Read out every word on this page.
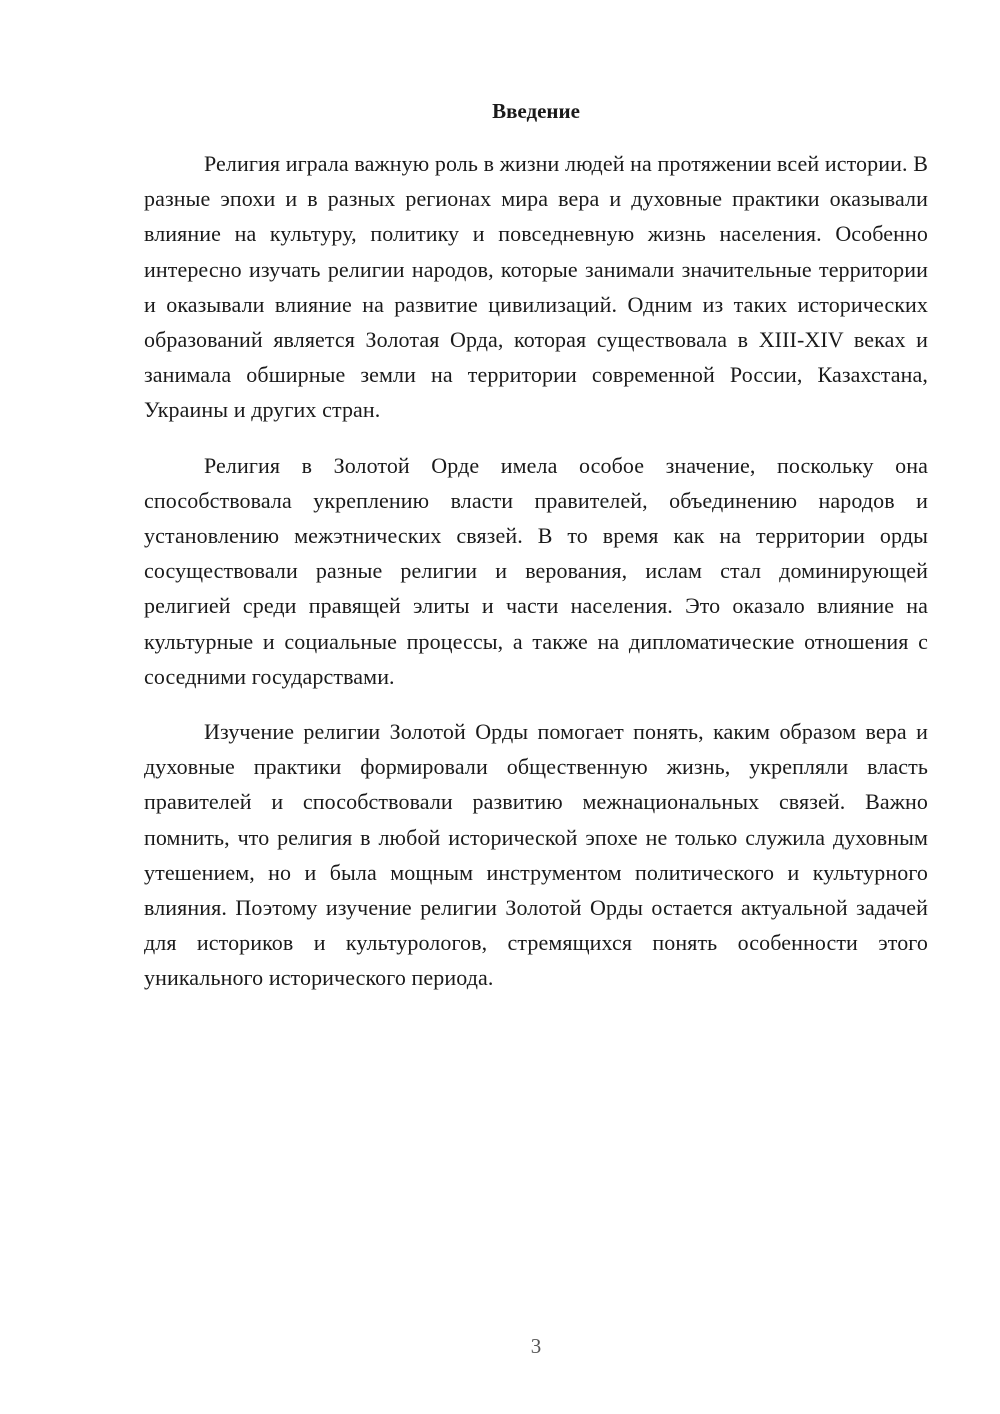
Введение

Религия играла важную роль в жизни людей на протяжении всей истории. В разные эпохи и в разных регионах мира вера и духовные практики оказывали влияние на культуру, политику и повседневную жизнь населения. Особенно интересно изучать религии народов, которые занимали значительные территории и оказывали влияние на развитие цивилизаций. Одним из таких исторических образований является Золотая Орда, которая существовала в XIII-XIV веках и занимала обширные земли на территории современной России, Казахстана, Украины и других стран.

Религия в Золотой Орде имела особое значение, поскольку она способствовала укреплению власти правителей, объединению народов и установлению межэтнических связей. В то время как на территории орды сосуществовали разные религии и верования, ислам стал доминирующей религией среди правящей элиты и части населения. Это оказало влияние на культурные и социальные процессы, а также на дипломатические отношения с соседними государствами.

Изучение религии Золотой Орды помогает понять, каким образом вера и духовные практики формировали общественную жизнь, укрепляли власть правителей и способствовали развитию межнациональных связей. Важно помнить, что религия в любой исторической эпохе не только служила духовным утешением, но и была мощным инструментом политического и культурного влияния. Поэтому изучение религии Золотой Орды остается актуальной задачей для историков и культурологов, стремящихся понять особенности этого уникального исторического периода.

3
